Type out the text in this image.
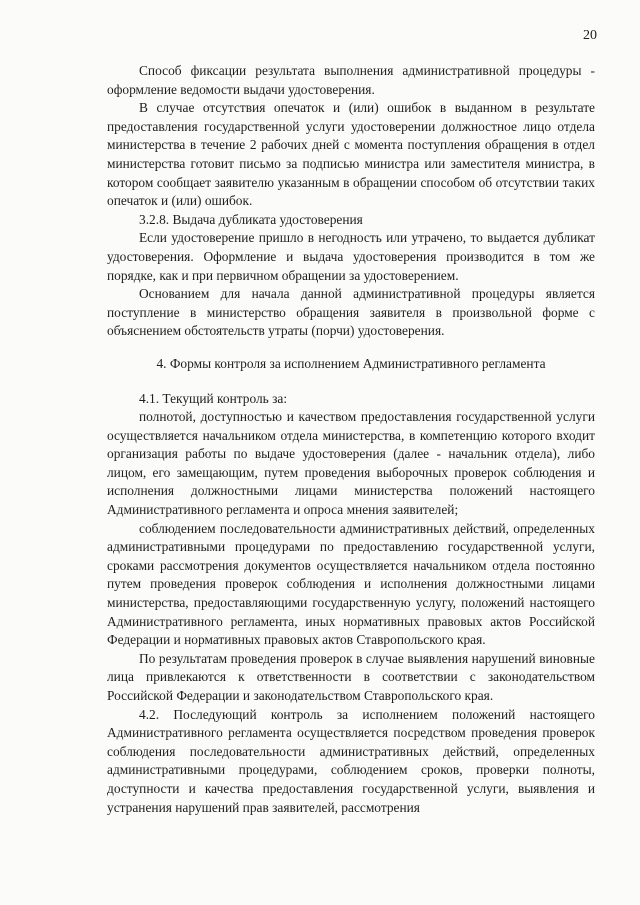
20

Способ фиксации результата выполнения административной процедуры - оформление ведомости выдачи удостоверения.

В случае отсутствия опечаток и (или) ошибок в выданном в результате предоставления государственной услуги удостоверении должностное лицо отдела министерства в течение 2 рабочих дней с момента поступления обращения в отдел министерства готовит письмо за подписью министра или заместителя министра, в котором сообщает заявителю указанным в обращении способом об отсутствии таких опечаток и (или) ошибок.

3.2.8. Выдача дубликата удостоверения

Если удостоверение пришло в негодность или утрачено, то выдается дубликат удостоверения. Оформление и выдача удостоверения производится в том же порядке, как и при первичном обращении за удостоверением.

Основанием для начала данной административной процедуры является поступление в министерство обращения заявителя в произвольной форме с объяснением обстоятельств утраты (порчи) удостоверения.

4. Формы контроля за исполнением Административного регламента

4.1. Текущий контроль за:

полнотой, доступностью и качеством предоставления государственной услуги осуществляется начальником отдела министерства, в компетенцию которого входит организация работы по выдаче удостоверения (далее - начальник отдела), либо лицом, его замещающим, путем проведения выборочных проверок соблюдения и исполнения должностными лицами министерства положений настоящего Административного регламента и опроса мнения заявителей;

соблюдением последовательности административных действий, определенных административными процедурами по предоставлению государственной услуги, сроками рассмотрения документов осуществляется начальником отдела постоянно путем проведения проверок соблюдения и исполнения должностными лицами министерства, предоставляющими государственную услугу, положений настоящего Административного регламента, иных нормативных правовых актов Российской Федерации и нормативных правовых актов Ставропольского края.

По результатам проведения проверок в случае выявления нарушений виновные лица привлекаются к ответственности в соответствии с законодательством Российской Федерации и законодательством Ставропольского края.

4.2. Последующий контроль за исполнением положений настоящего Административного регламента осуществляется посредством проведения проверок соблюдения последовательности административных действий, определенных административными процедурами, соблюдением сроков, проверки полноты, доступности и качества предоставления государственной услуги, выявления и устранения нарушений прав заявителей, рассмотрения
